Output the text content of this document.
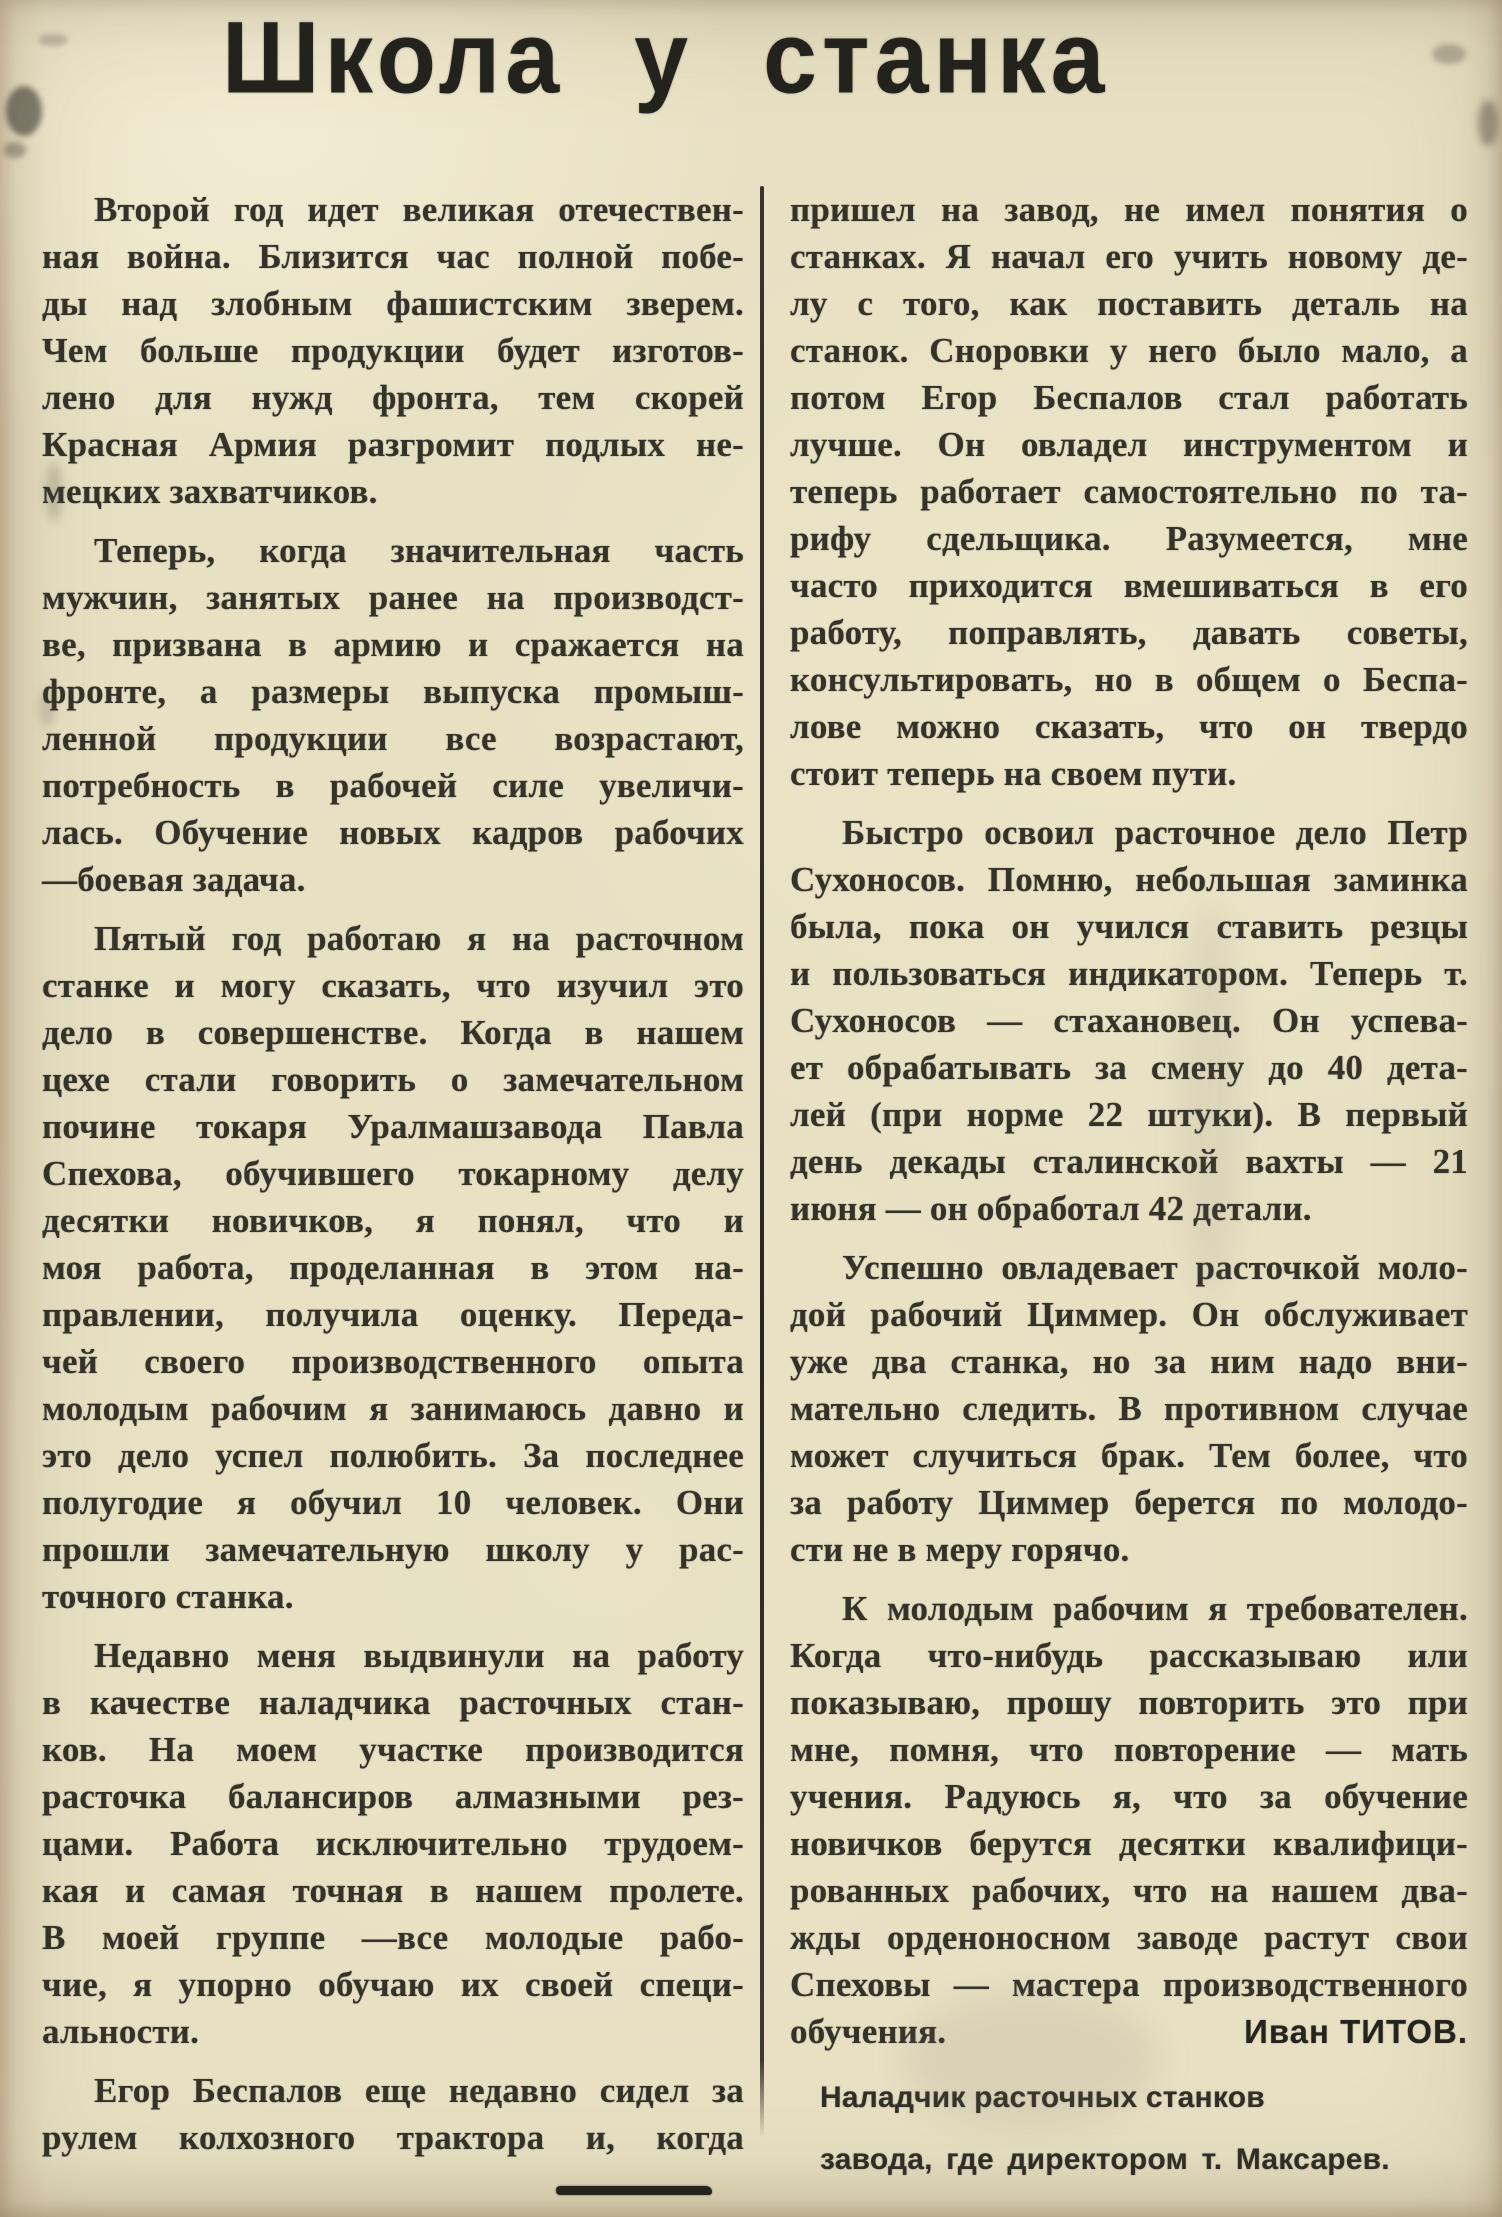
Школа у станка
Второй год идет великая отечествен-
ная война. Близится час полной побе-
ды над злобным фашистским зверем.
Чем больше продукции будет изготов-
лено для нужд фронта, тем скорей
Красная Армия разгромит подлых не-
мецких захватчиков.
Теперь, когда значительная часть
мужчин, занятых ранее на производст-
ве, призвана в армию и сражается на
фронте, а размеры выпуска промыш-
ленной продукции все возрастают,
потребность в рабочей силе увеличи-
лась. Обучение новых кадров рабочих
—боевая задача.
Пятый год работаю я на расточном
станке и могу сказать, что изучил это
дело в совершенстве. Когда в нашем
цехе стали говорить о замечательном
почине токаря Уралмашзавода Павла
Спехова, обучившего токарному делу
десятки новичков, я понял, что и
моя работа, проделанная в этом на-
правлении, получила оценку. Переда-
чей своего производственного опыта
молодым рабочим я занимаюсь давно и
это дело успел полюбить. За последнее
полугодие я обучил 10 человек. Они
прошли замечательную школу у рас-
точного станка.
Недавно меня выдвинули на работу
в качестве наладчика расточных стан-
ков. На моем участке производится
расточка балансиров алмазными рез-
цами. Работа исключительно трудоем-
кая и самая точная в нашем пролете.
В моей группе —все молодые рабо-
чие, я упорно обучаю их своей специ-
альности.
Егор Беспалов еще недавно сидел за
рулем колхозного трактора и, когда
пришел на завод, не имел понятия о
станках. Я начал его учить новому де-
лу с того, как поставить деталь на
станок. Сноровки у него было мало, а
потом Егор Беспалов стал работать
лучше. Он овладел инструментом и
теперь работает самостоятельно по та-
рифу сдельщика. Разумеется, мне
часто приходится вмешиваться в его
работу, поправлять, давать советы,
консультировать, но в общем о Беспа-
лове можно сказать, что он твердо
стоит теперь на своем пути.
Быстро освоил расточное дело Петр
Сухоносов. Помню, небольшая заминка
была, пока он учился ставить резцы
и пользоваться индикатором. Теперь т.
Сухоносов — стахановец. Он успева-
ет обрабатывать за смену до 40 дета-
лей (при норме 22 штуки). В первый
день декады сталинской вахты — 21
июня — он обработал 42 детали.
Успешно овладевает расточкой моло-
дой рабочий Циммер. Он обслуживает
уже два станка, но за ним надо вни-
мательно следить. В противном случае
может случиться брак. Тем более, что
за работу Циммер берется по молодо-
сти не в меру горячо.
К молодым рабочим я требователен.
Когда что-нибудь рассказываю или
показываю, прошу повторить это при
мне, помня, что повторение — мать
учения. Радуюсь я, что за обучение
новичков берутся десятки квалифици-
рованных рабочих, что на нашем два-
жды орденоносном заводе растут свои
Спеховы — мастера производственного
обучения.	Иван ТИТОВ.
Наладчик расточных станков
завода, где директором т. Максарев.
